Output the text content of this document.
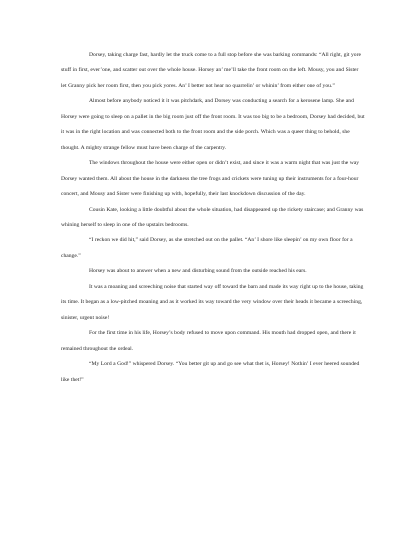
Dorsey, taking charge fast, hardly let the truck come to a full stop before she was barking commands: “All right, git yore stuff in first, ever’one, and scatter out over the whole house. Horsey an’ me’ll take the front room on the left. Mousy, you and Sister let Granny pick her room first, then you pick yores. An’ I better not hear no quarrelin’ or whinin’ from either one of you.”

Almost before anybody noticed it it was pitchdark, and Dorsey was conducting a search for a kerosene lamp. She and Horsey were going to sleep on a pallet in the big room just off the front room. It was too big to be a bedroom, Dorsey had decided, but it was in the right location and was connected both to the front room and the side porch. Which was a queer thing to behold, she thought. A mighty strange fellow must have been charge of the carpentry.

The windows throughout the house were either open or didn’t exist, and since it was a warm night that was just the way Dorsey wanted them. All about the house in the darkness the tree frogs and crickets were tuning up their instruments for a four-hour concert, and Mousy and Sister were finishing up with, hopefully, their last knockdown discussion of the day.

Cousin Kate, looking a little doubtful about the whole situation, had disappeared up the rickety staircase; and Granny was whining herself to sleep in one of the upstairs bedrooms.

“I reckon we did hit,” said Dorsey, as she stretched out on the pallet. “An’ I shore like sleepin’ on my own floor for a change.”

Horsey was about to answer when a new and disturbing sound from the outside reached his ears.

It was a moaning and screeching noise that started way off toward the barn and made its way right up to the house, taking its time. It began as a low-pitched moaning and as it worked its way toward the very window over their heads it became a screeching, sinister, urgent noise!

For the first time in his life, Horsey’s body refused to move upon command. His mouth had dropped open, and there it remained throughout the ordeal.

“My Lord a God!” whispered Dorsey. “You better git up and go see what thet is, Horsey! Nothin’ I ever heered sounded like thet!”
